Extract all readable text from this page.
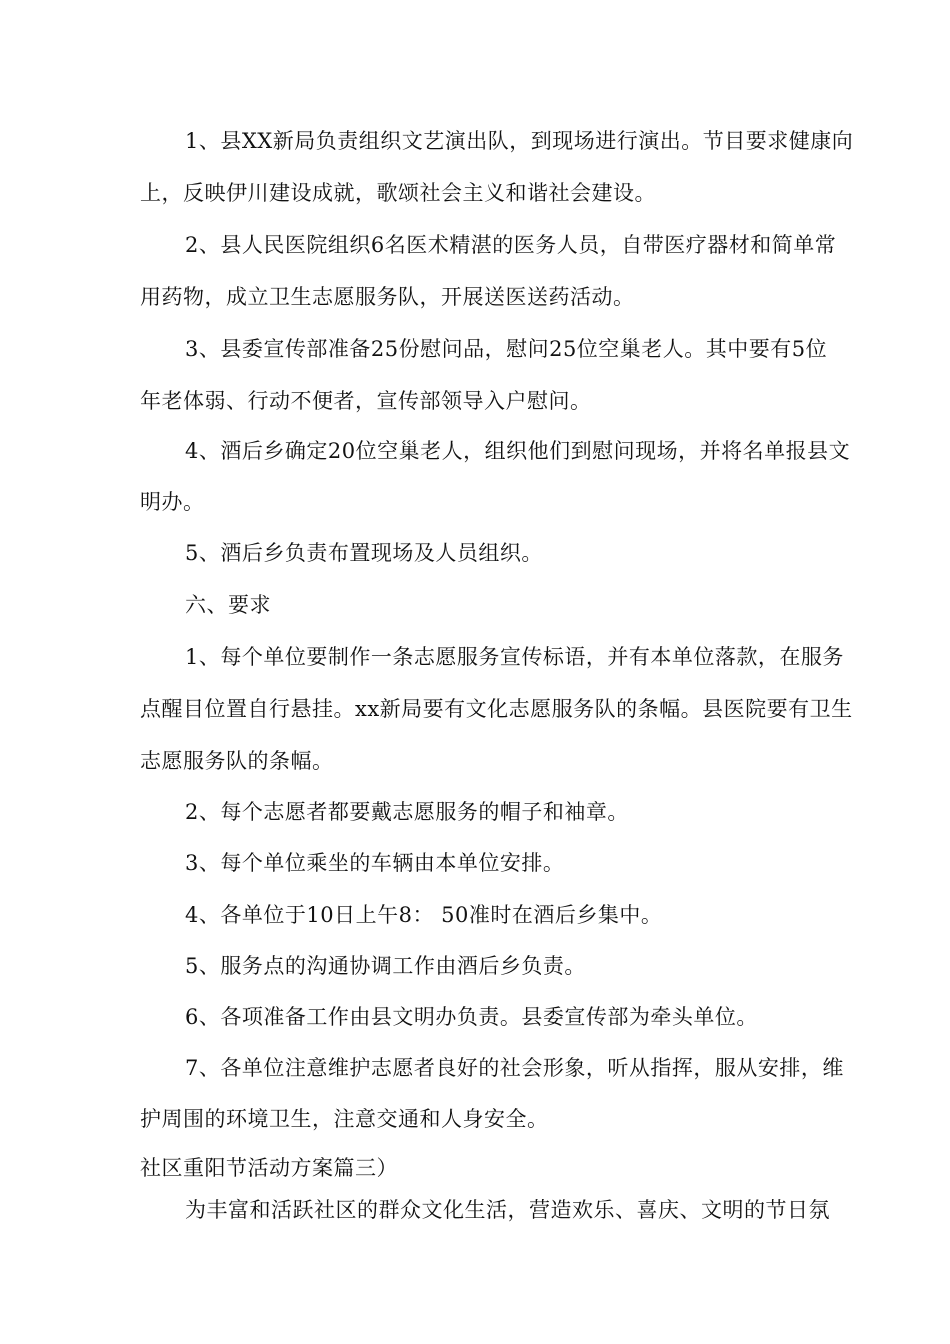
1、县XX新局负责组织文艺演出队，到现场进行演出。节目要求健康向
上，反映伊川建设成就，歌颂社会主义和谐社会建设。
2、县人民医院组织6名医术精湛的医务人员，自带医疗器材和简单常
用药物，成立卫生志愿服务队，开展送医送药活动。
3、县委宣传部准备25份慰问品，慰问25位空巢老人。其中要有5位
年老体弱、行动不便者，宣传部领导入户慰问。
4、酒后乡确定20位空巢老人，组织他们到慰问现场，并将名单报县文
明办。
5、酒后乡负责布置现场及人员组织。
六、要求
1、每个单位要制作一条志愿服务宣传标语，并有本单位落款，在服务
点醒目位置自行悬挂。xx新局要有文化志愿服务队的条幅。县医院要有卫生
志愿服务队的条幅。
2、每个志愿者都要戴志愿服务的帽子和袖章。
3、每个单位乘坐的车辆由本单位安排。
4、各单位于10日上午8： 50准时在酒后乡集中。
5、服务点的沟通协调工作由酒后乡负责。
6、各项准备工作由县文明办负责。县委宣传部为牵头单位。
7、各单位注意维护志愿者良好的社会形象，听从指挥，服从安排，维
护周围的环境卫生，注意交通和人身安全。
社区重阳节活动方案篇三）
为丰富和活跃社区的群众文化生活，营造欢乐、喜庆、文明的节日氛
